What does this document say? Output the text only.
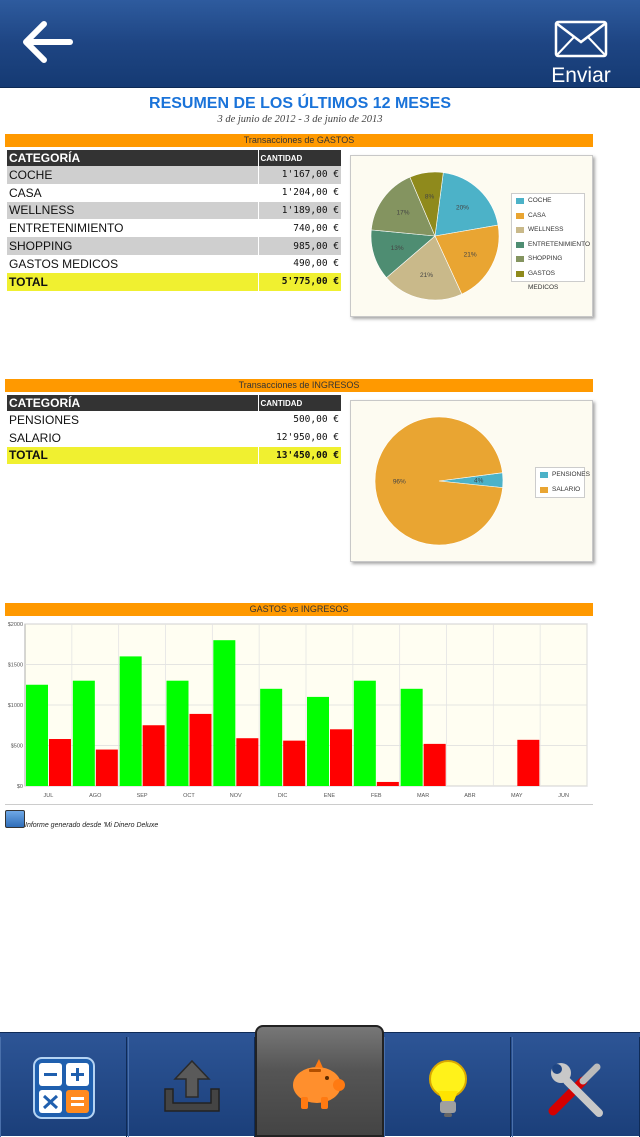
Enviar
RESUMEN DE LOS ÚLTIMOS 12 MESES
3 de junio de 2012 - 3 de junio de 2013
Transacciones de GASTOS
CATEGORÍA	CANTIDAD
COCHE	1'167,00 €
CASA	1'204,00 €
WELLNESS	1'189,00 €
ENTRETENIMIENTO	740,00 €
SHOPPING	985,00 €
GASTOS MEDICOS	490,00 €
TOTAL	5'775,00 €
20%
21%
21%
13%
17%
8%	COCHE
CASA
WELLNESS
ENTRETENIMIENTO
SHOPPING
GASTOS MEDICOS
Transacciones de INGRESOS
CATEGORÍA	CANTIDAD
PENSIONES	500,00 €
SALARIO	12'950,00 €
TOTAL	13'450,00 €
4%
96%
PENSIONES
SALARIO
GASTOS vs INGRESOS
$0
$500
$1000
$1500
$2000
JUL	AGO	SEP	OCT	NOV	DIC	ENE	FEB	MAR	ABR	MAY	JUN
Informe generado desde 'Mi Dinero Deluxe
